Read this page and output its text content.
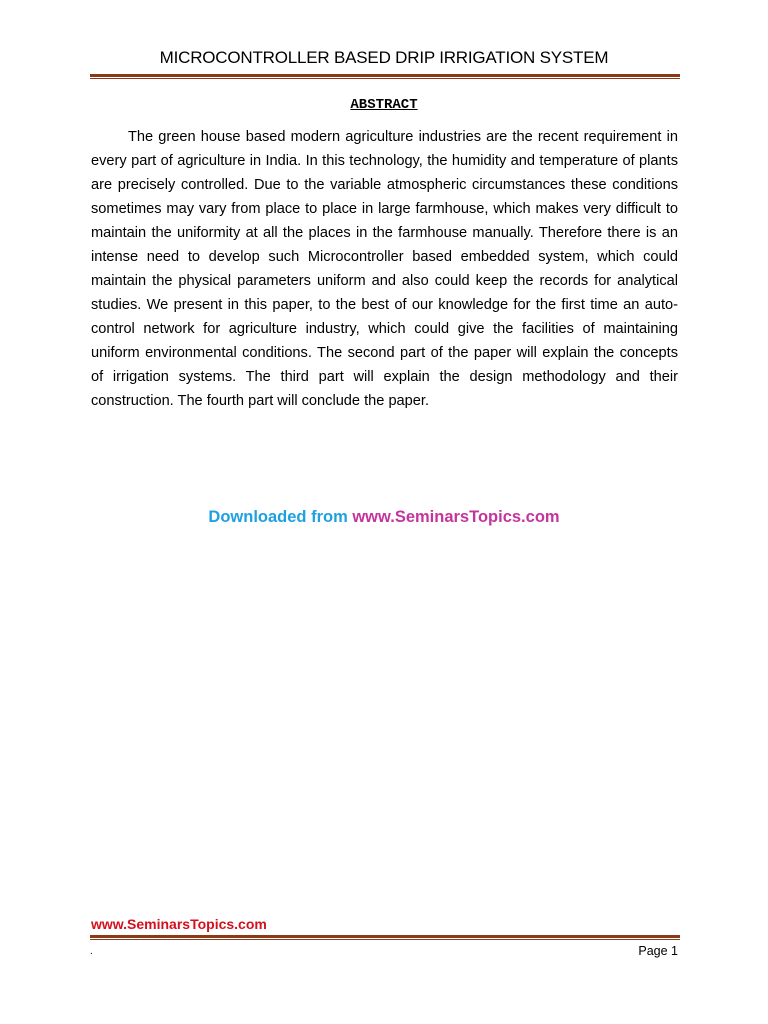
MICROCONTROLLER BASED DRIP IRRIGATION SYSTEM
ABSTRACT

The green house based modern agriculture industries are the recent requirement in every part of agriculture in India. In this technology, the humidity and temperature of plants are precisely controlled. Due to the variable atmospheric circumstances these conditions sometimes may vary from place to place in large farmhouse, which makes very difficult to maintain the uniformity at all the places in the farmhouse manually. Therefore there is an intense need to develop such Microcontroller based embedded system, which could maintain the physical parameters uniform and also could keep the records for analytical studies. We present in this paper, to the best of our knowledge for the first time an auto-control network for agriculture industry, which could give the facilities of maintaining uniform environmental conditions. The second part of the paper will explain the concepts of irrigation systems. The third part will explain the design methodology and their construction. The fourth part will conclude the paper.

Downloaded from www.SeminarsTopics.com
www.SeminarsTopics.com
.	Page 1
